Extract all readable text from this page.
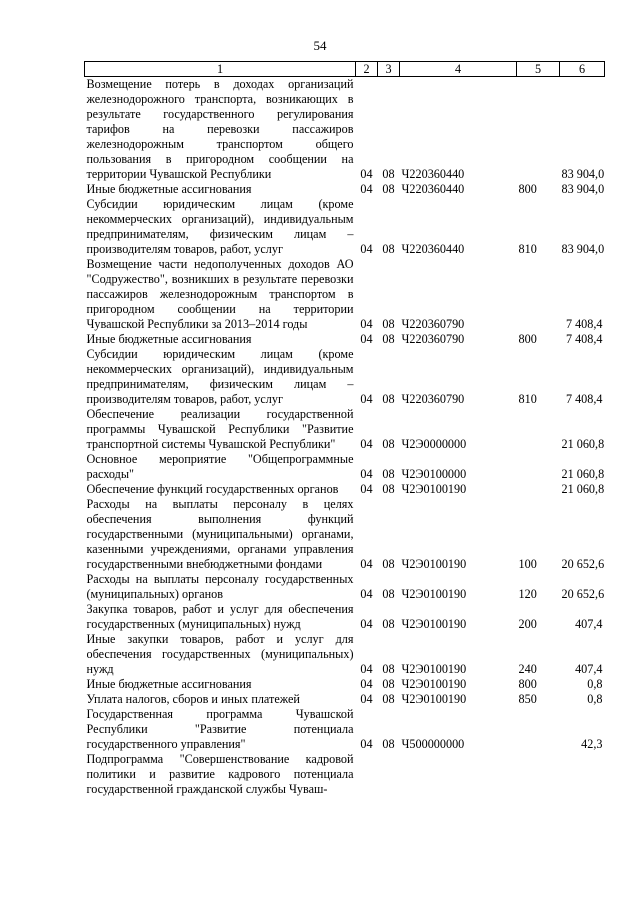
54
1	2	3	4	5	6
Возмещение потерь в доходах организаций железнодорожного транспорта, возникающих в результате государственного регулирования тарифов на перевозки пассажиров железнодорожным транспортом общего пользования в пригородном сообщении на территории Чувашской Республики	04	08	Ч220360440		83 904,0
Иные бюджетные ассигнования	04	08	Ч220360440	800	83 904,0
Субсидии юридическим лицам (кроме некоммерческих организаций), индивидуальным предпринимателям, физическим лицам – производителям товаров, работ, услуг	04	08	Ч220360440	810	83 904,0
Возмещение части недополученных доходов АО "Содружество", возникших в результате перевозки пассажиров железнодорожным транспортом в пригородном сообщении на территории Чувашской Республики за 2013–2014 годы	04	08	Ч220360790		7 408,4
Иные бюджетные ассигнования	04	08	Ч220360790	800	7 408,4
Субсидии юридическим лицам (кроме некоммерческих организаций), индивидуальным предпринимателям, физическим лицам – производителям товаров, работ, услуг	04	08	Ч220360790	810	7 408,4
Обеспечение реализации государственной программы Чувашской Республики "Развитие транспортной системы Чувашской Республики"	04	08	Ч2Э0000000		21 060,8
Основное мероприятие "Общепрограммные расходы"	04	08	Ч2Э0100000		21 060,8
Обеспечение функций государственных органов	04	08	Ч2Э0100190		21 060,8
Расходы на выплаты персоналу в целях обеспечения выполнения функций государственными (муниципальными) органами, казенными учреждениями, органами управления государственными внебюджетными фондами	04	08	Ч2Э0100190	100	20 652,6
Расходы на выплаты персоналу государственных (муниципальных) органов	04	08	Ч2Э0100190	120	20 652,6
Закупка товаров, работ и услуг для обеспечения государственных (муниципальных) нужд	04	08	Ч2Э0100190	200	407,4
Иные закупки товаров, работ и услуг для обеспечения государственных (муниципальных) нужд	04	08	Ч2Э0100190	240	407,4
Иные бюджетные ассигнования	04	08	Ч2Э0100190	800	0,8
Уплата налогов, сборов и иных платежей	04	08	Ч2Э0100190	850	0,8
Государственная программа Чувашской Республики "Развитие потенциала государственного управления"	04	08	Ч500000000		42,3
Подпрограмма "Совершенствование кадровой политики и развитие кадрового потенциала государственной гражданской службы Чуваш-					
